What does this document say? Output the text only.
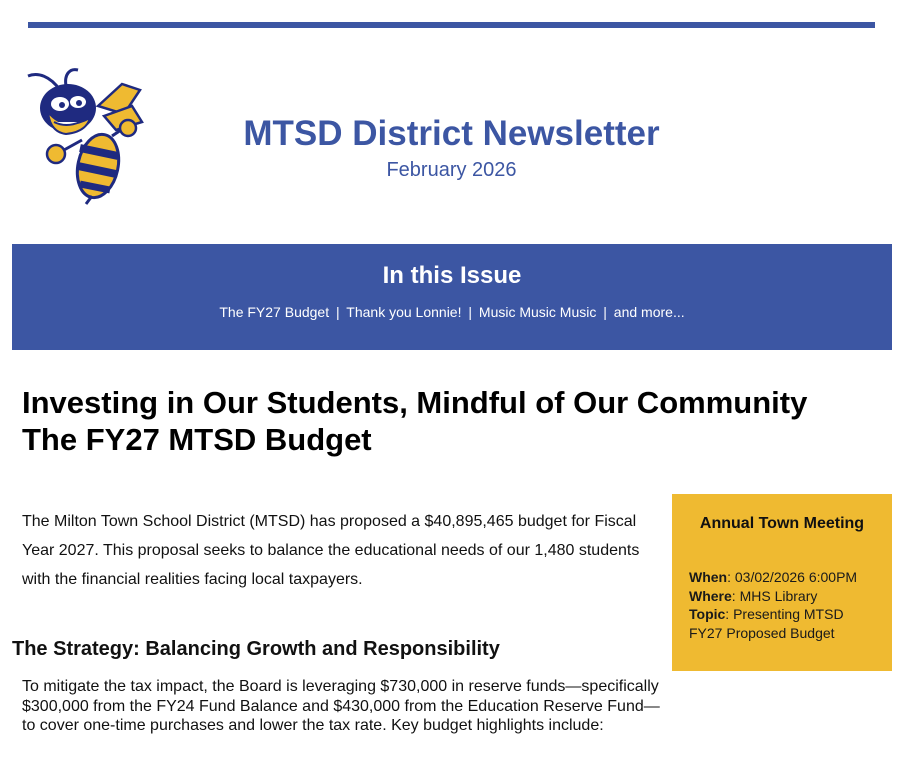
MTSD District Newsletter
February 2026
In this Issue
The FY27 Budget | Thank you Lonnie! | Music Music Music | and more...
Investing in Our Students, Mindful of Our Community
The FY27 MTSD Budget

The Milton Town School District (MTSD) has proposed a $40,895,465 budget for Fiscal Year 2027. This proposal seeks to balance the educational needs of our 1,480 students with the financial realities facing local taxpayers.

The Strategy: Balancing Growth and Responsibility

To mitigate the tax impact, the Board is leveraging $730,000 in reserve funds—specifically $300,000 from the FY24 Fund Balance and $430,000 from the Education Reserve Fund—to cover one-time purchases and lower the tax rate. Key budget highlights include:

Annual Town Meeting
When: 03/02/2026 6:00PM
Where: MHS Library
Topic: Presenting MTSD FY27 Proposed Budget
